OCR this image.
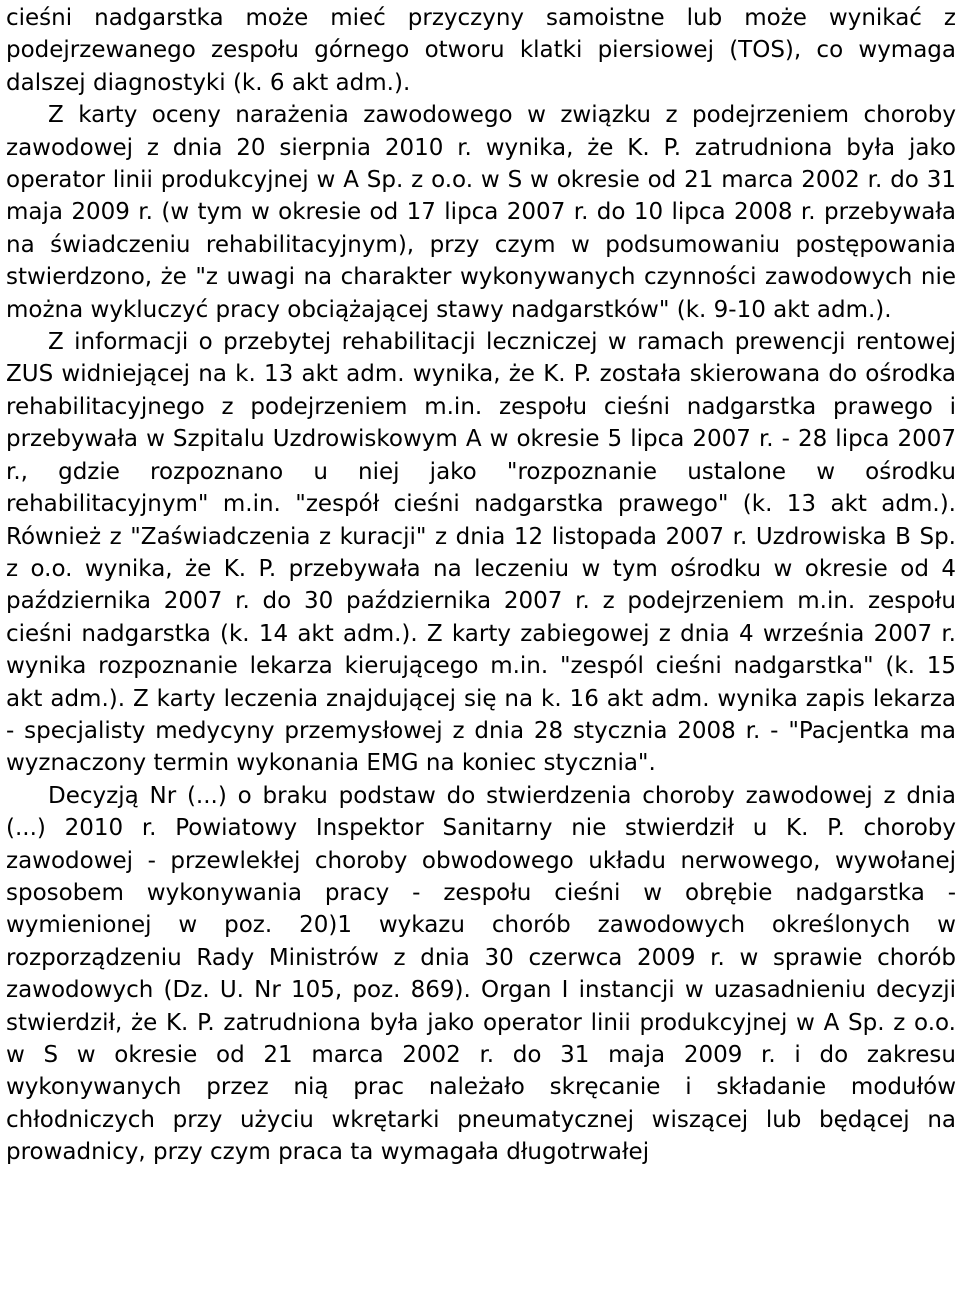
cieśni nadgarstka może mieć przyczyny samoistne lub może wynikać z podejrzewanego zespołu górnego otworu klatki piersiowej (TOS), co wymaga dalszej diagnostyki (k. 6 akt adm.).

Z karty oceny narażenia zawodowego w związku z podejrzeniem choroby zawodowej z dnia 20 sierpnia 2010 r. wynika, że K. P. zatrudniona była jako operator linii produkcyjnej w A Sp. z o.o. w S w okresie od 21 marca 2002 r. do 31 maja 2009 r. (w tym w okresie od 17 lipca 2007 r. do 10 lipca 2008 r. przebywała na świadczeniu rehabilitacyjnym), przy czym w podsumowaniu postępowania stwierdzono, że "z uwagi na charakter wykonywanych czynności zawodowych nie można wykluczyć pracy obciążającej stawy nadgarstków" (k. 9-10 akt adm.).

Z informacji o przebytej rehabilitacji leczniczej w ramach prewencji rentowej ZUS widniejącej na k. 13 akt adm. wynika, że K. P. została skierowana do ośrodka rehabilitacyjnego z podejrzeniem m.in. zespołu cieśni nadgarstka prawego i przebywała w Szpitalu Uzdrowiskowym A w okresie 5 lipca 2007 r. - 28 lipca 2007 r., gdzie rozpoznano u niej jako "rozpoznanie ustalone w ośrodku rehabilitacyjnym" m.in. "zespół cieśni nadgarstka prawego" (k. 13 akt adm.). Również z "Zaświadczenia z kuracji" z dnia 12 listopada 2007 r. Uzdrowiska B Sp. z o.o. wynika, że K. P. przebywała na leczeniu w tym ośrodku w okresie od 4 października 2007 r. do 30 października 2007 r. z podejrzeniem m.in. zespołu cieśni nadgarstka (k. 14 akt adm.). Z karty zabiegowej z dnia 4 września 2007 r. wynika rozpoznanie lekarza kierującego m.in. "zespól cieśni nadgarstka" (k. 15 akt adm.). Z karty leczenia znajdującej się na k. 16 akt adm. wynika zapis lekarza - specjalisty medycyny przemysłowej z dnia 28 stycznia 2008 r. - "Pacjentka ma wyznaczony termin wykonania EMG na koniec stycznia".

Decyzją Nr (...) o braku podstaw do stwierdzenia choroby zawodowej z dnia (...) 2010 r. Powiatowy Inspektor Sanitarny nie stwierdził u K. P. choroby zawodowej - przewlekłej choroby obwodowego układu nerwowego, wywołanej sposobem wykonywania pracy - zespołu cieśni w obrębie nadgarstka - wymienionej w poz. 20)1 wykazu chorób zawodowych określonych w rozporządzeniu Rady Ministrów z dnia 30 czerwca 2009 r. w sprawie chorób zawodowych (Dz. U. Nr 105, poz. 869). Organ I instancji w uzasadnieniu decyzji stwierdził, że K. P. zatrudniona była jako operator linii produkcyjnej w A Sp. z o.o. w S w okresie od 21 marca 2002 r. do 31 maja 2009 r. i do zakresu wykonywanych przez nią prac należało skręcanie i składanie modułów chłodniczych przy użyciu wkrętarki pneumatycznej wiszącej lub będącej na prowadnicy, przy czym praca ta wymagała długotrwałej
